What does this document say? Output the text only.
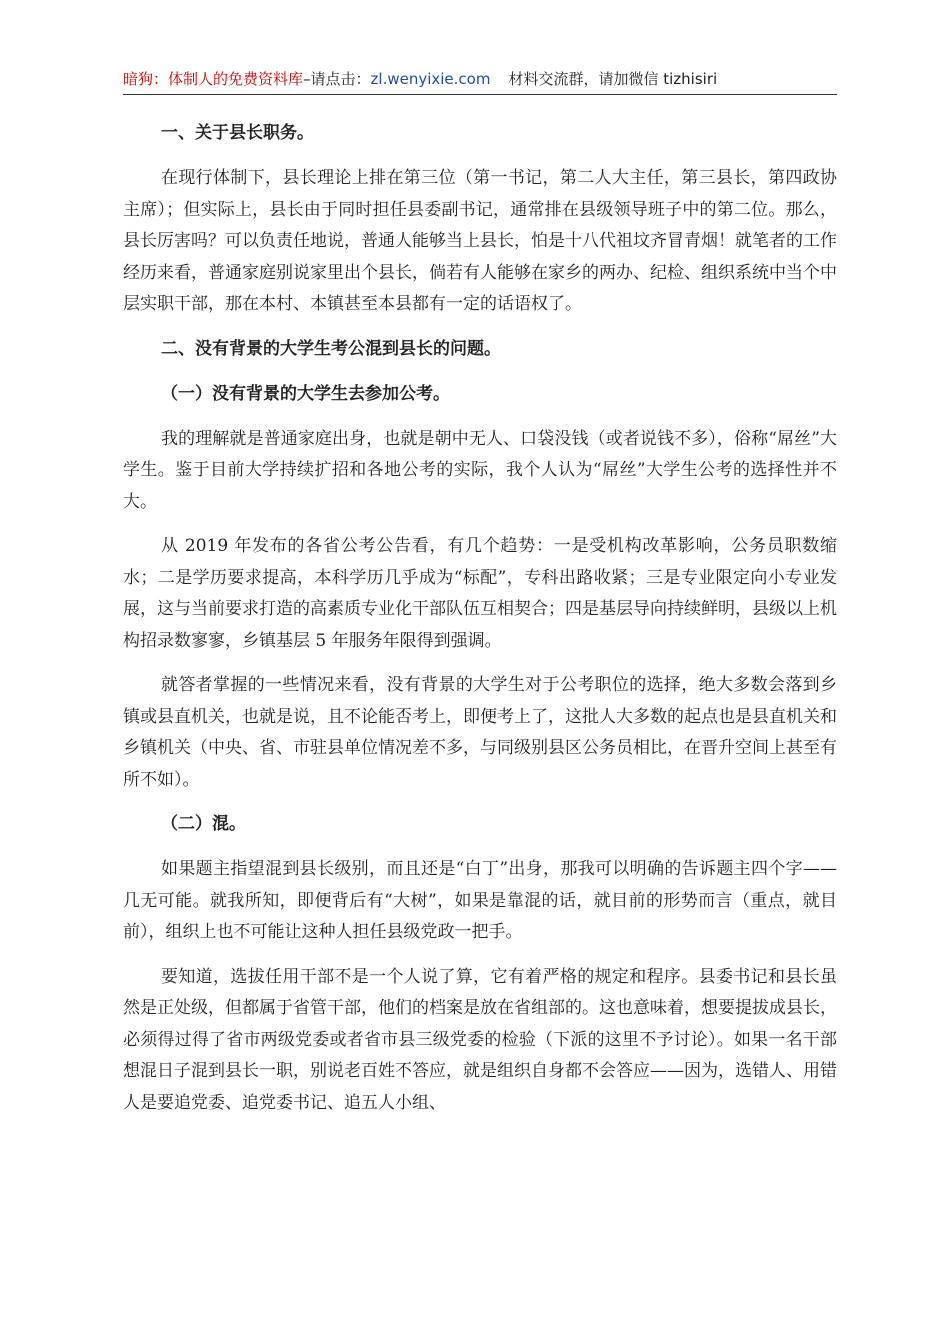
暗狗：体制人的免费资料库–请点击：zl.wenyixie.com 材料交流群，请加微信 tizhisiri
一、关于县长职务。
在现行体制下，县长理论上排在第三位（第一书记，第二人大主任，第三县长，第四政协主席）；但实际上，县长由于同时担任县委副书记，通常排在县级领导班子中的第二位。那么，县长厉害吗？可以负责任地说，普通人能够当上县长，怕是十八代祖坟齐冒青烟！就笔者的工作经历来看，普通家庭别说家里出个县长，倘若有人能够在家乡的两办、纪检、组织系统中当个中层实职干部，那在本村、本镇甚至本县都有一定的话语权了。
二、没有背景的大学生考公混到县长的问题。
（一）没有背景的大学生去参加公考。
我的理解就是普通家庭出身，也就是朝中无人、口袋没钱（或者说钱不多），俗称“屌丝”大学生。鉴于目前大学持续扩招和各地公考的实际，我个人认为“屌丝”大学生公考的选择性并不大。
从 2019 年发布的各省公考公告看，有几个趋势：一是受机构改革影响，公务员职数缩水；二是学历要求提高，本科学历几乎成为“标配”，专科出路收紧；三是专业限定向小专业发展，这与当前要求打造的高素质专业化干部队伍互相契合；四是基层导向持续鲜明，县级以上机构招录数寥寥，乡镇基层 5 年服务年限得到强调。
就答者掌握的一些情况来看，没有背景的大学生对于公考职位的选择，绝大多数会落到乡镇或县直机关，也就是说，且不论能否考上，即便考上了，这批人大多数的起点也是县直机关和乡镇机关（中央、省、市驻县单位情况差不多，与同级别县区公务员相比，在晋升空间上甚至有所不如）。
（二）混。
如果题主指望混到县长级别，而且还是“白丁”出身，那我可以明确的告诉题主四个字——几无可能。就我所知，即便背后有“大树”，如果是靠混的话，就目前的形势而言（重点，就目前），组织上也不可能让这种人担任县级党政一把手。
要知道，选拔任用干部不是一个人说了算，它有着严格的规定和程序。县委书记和县长虽然是正处级，但都属于省管干部，他们的档案是放在省组部的。这也意味着，想要提拔成县长，必须得过得了省市两级党委或者省市县三级党委的检验（下派的这里不予讨论）。如果一名干部想混日子混到县长一职，别说老百姓不答应，就是组织自身都不会答应——因为，选错人、用错人是要追党委、追党委书记、追五人小组、
